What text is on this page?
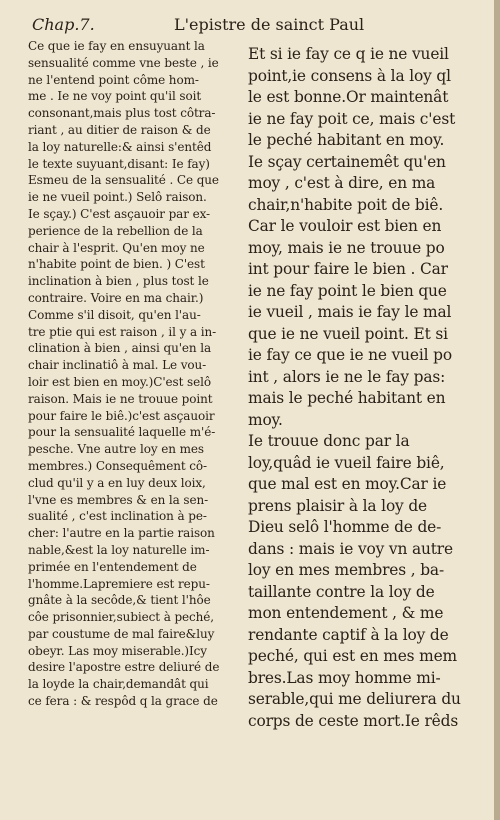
Chap.7.	L'epistre de sainct Paul
Ce que ie fay en ensuyuant la
sensualité comme vne beste , ie
ne l'entend point côme hom-
me . Ie ne voy point qu'il soit
consonant,mais plus tost côtra-
riant , au ditier de raison & de
la loy naturelle:& ainsi s'entêd
le texte suyuant,disant: Ie fay)
Esmeu de la sensualité . Ce que
ie ne vueil point.) Selô raison.
Ie sçay.) C'est asçauoir par ex-
perience de la rebellion de la
chair à l'esprit. Qu'en moy ne
n'habite point de bien. ) C'est
inclination à bien , plus tost le
contraire. Voire en ma chair.)
Comme s'il disoit, qu'en l'au-
tre ptie qui est raison , il y a in-
clination à bien , ainsi qu'en la
chair inclinatiô à mal. Le vou-
loir est bien en moy.)C'est selô
raison. Mais ie ne trouue point
pour faire le biê.)c'est asçauoir
pour la sensualité laquelle m'é-
pesche. Vne autre loy en mes
membres.) Consequêment cô-
clud qu'il y a en luy deux loix,
l'vne es membres & en la sen-
sualité , c'est inclination à pe-
cher: l'autre en la partie raison
nable,&est la loy naturelle im-
primée en l'entendement de
l'homme.Lapremiere est repu-
gnâte à la secôde,& tient l'hôe
côe prisonnier,subiect à peché,
par coustume de mal faire&luy
obeyr. Las moy miserable.)Icy
desire l'apostre estre deliuré de
la loyde la chair,demandât qui
ce fera : & respôd q la grace de
Et si ie fay ce q ie ne vueil
point,ie consens à la loy ql
le est bonne.Or maintenât
ie ne fay poit ce, mais c'est
le peché habitant en moy.
Ie sçay certainemêt qu'en
moy , c'est à dire, en ma
chair,n'habite poit de biê.
Car le vouloir est bien en
moy, mais ie ne trouue po
int pour faire le bien . Car
ie ne fay point le bien que
ie vueil , mais ie fay le mal
que ie ne vueil point. Et si
ie fay ce que ie ne vueil po
int , alors ie ne le fay pas:
mais le peché habitant en
moy.
Ie trouue donc par la
loy,quâd ie vueil faire biê,
que mal est en moy.Car ie
prens plaisir à la loy de
Dieu selô l'homme de de-
dans : mais ie voy vn autre
loy en mes membres , ba-
taillante contre la loy de
mon entendement , & me
rendante captif à la loy de
peché, qui est en mes mem
bres.Las moy homme mi-
serable,qui me deliurera du
corps de ceste mort.Ie rêds
